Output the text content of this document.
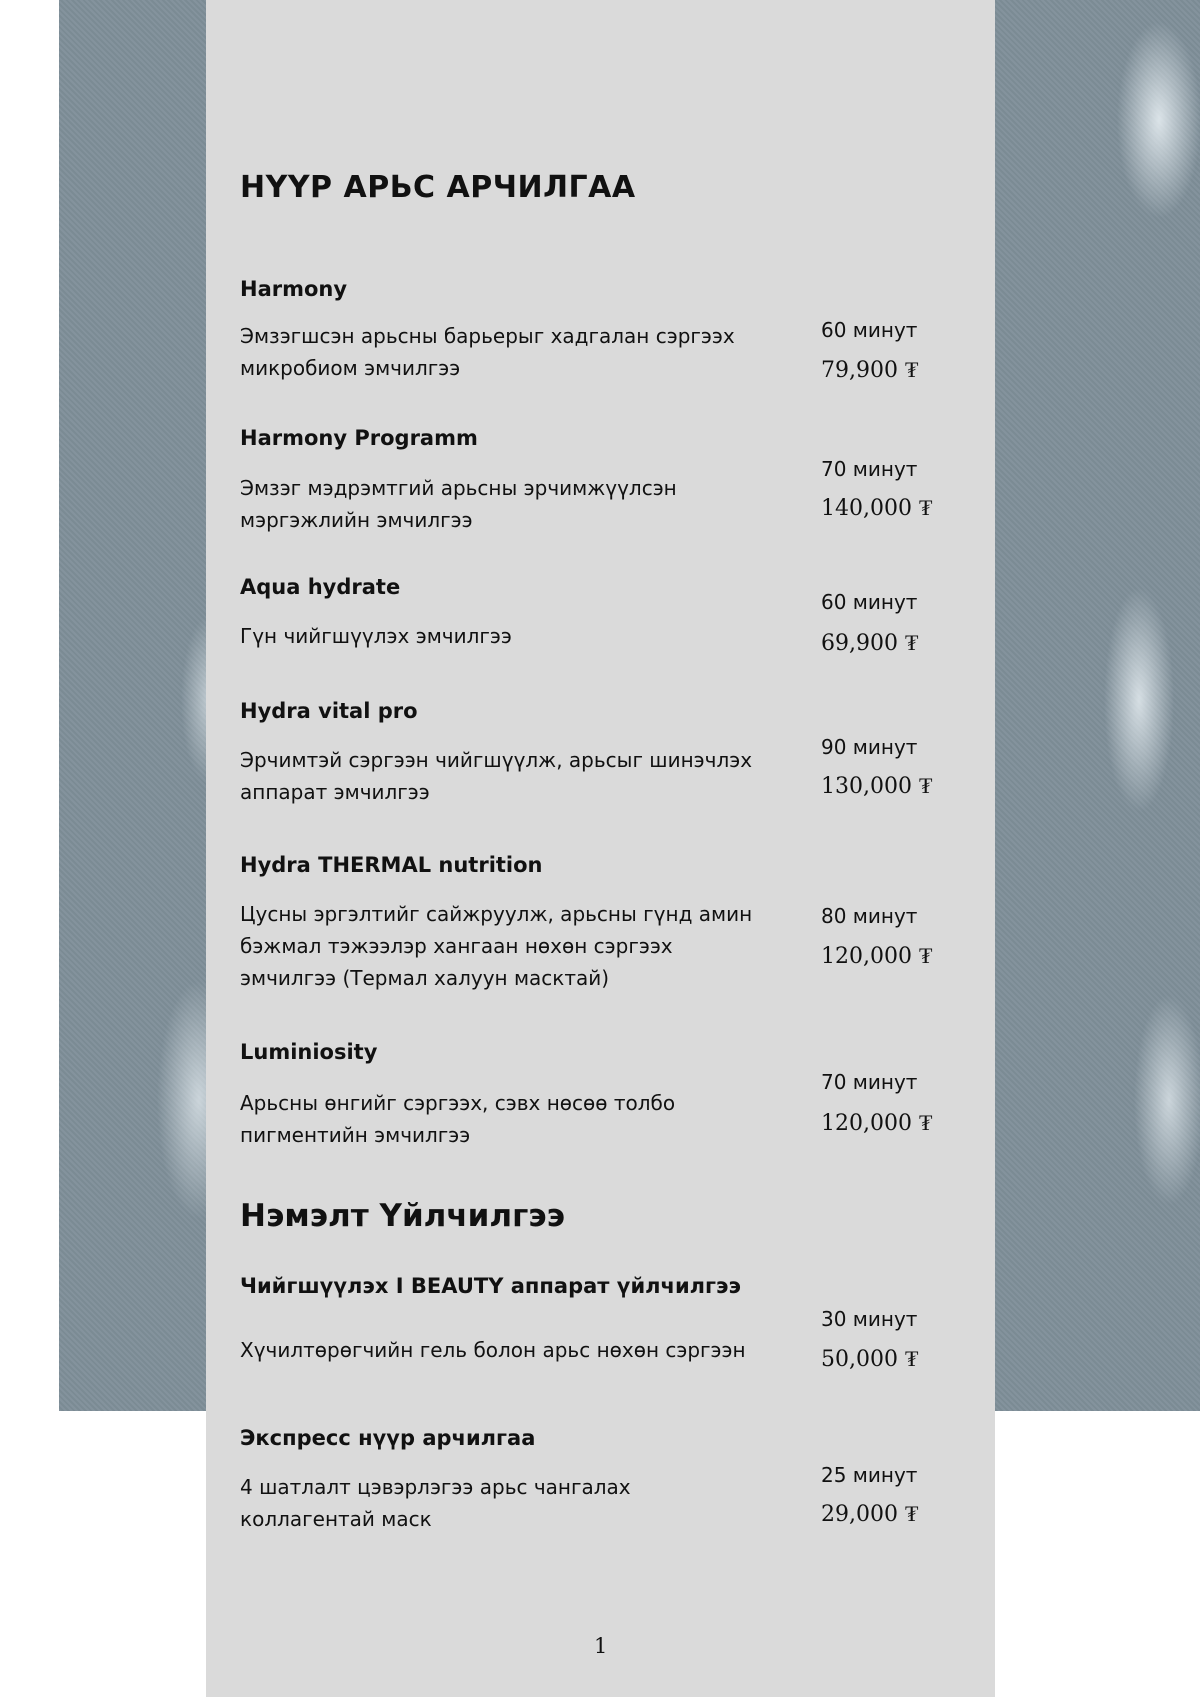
НҮҮР АРЬС АРЧИЛГАА
Harmony
Эмзэгшсэн арьсны барьерыг хадгалан сэргээх микробиом эмчилгээ
60 минут
79,900 ₮
Harmony Programm
Эмзэг мэдрэмтгий арьсны эрчимжүүлсэн мэргэжлийн эмчилгээ
70 минут
140,000 ₮
Aqua hydrate
Гүн чийгшүүлэх эмчилгээ
60 минут
69,900 ₮
Hydra vital pro
Эрчимтэй сэргээн чийгшүүлж, арьсыг шинэчлэх аппарат эмчилгээ
90 минут
130,000 ₮
Hydra THERMAL nutrition
Цусны эргэлтийг сайжруулж, арьсны гүнд амин бэжмал тэжээлэр хангаан нөхөн сэргээх эмчилгээ (Термал халуун масктай)
80 минут
120,000 ₮
Luminiosity
Арьсны өнгийг сэргээх, сэвх нөсөө толбо пигментийн эмчилгээ
70 минут
120,000 ₮
Нэмэлт Үйлчилгээ
Чийгшүүлэх I BEAUTY аппарат үйлчилгээ
Хүчилтөрөгчийн гель болон арьс нөхөн сэргээн
30 минут
50,000 ₮
Экспресс нүүр арчилгаа
4 шатлалт цэвэрлэгээ арьс чангалах коллагентай маск
25 минут
29,000 ₮
1
